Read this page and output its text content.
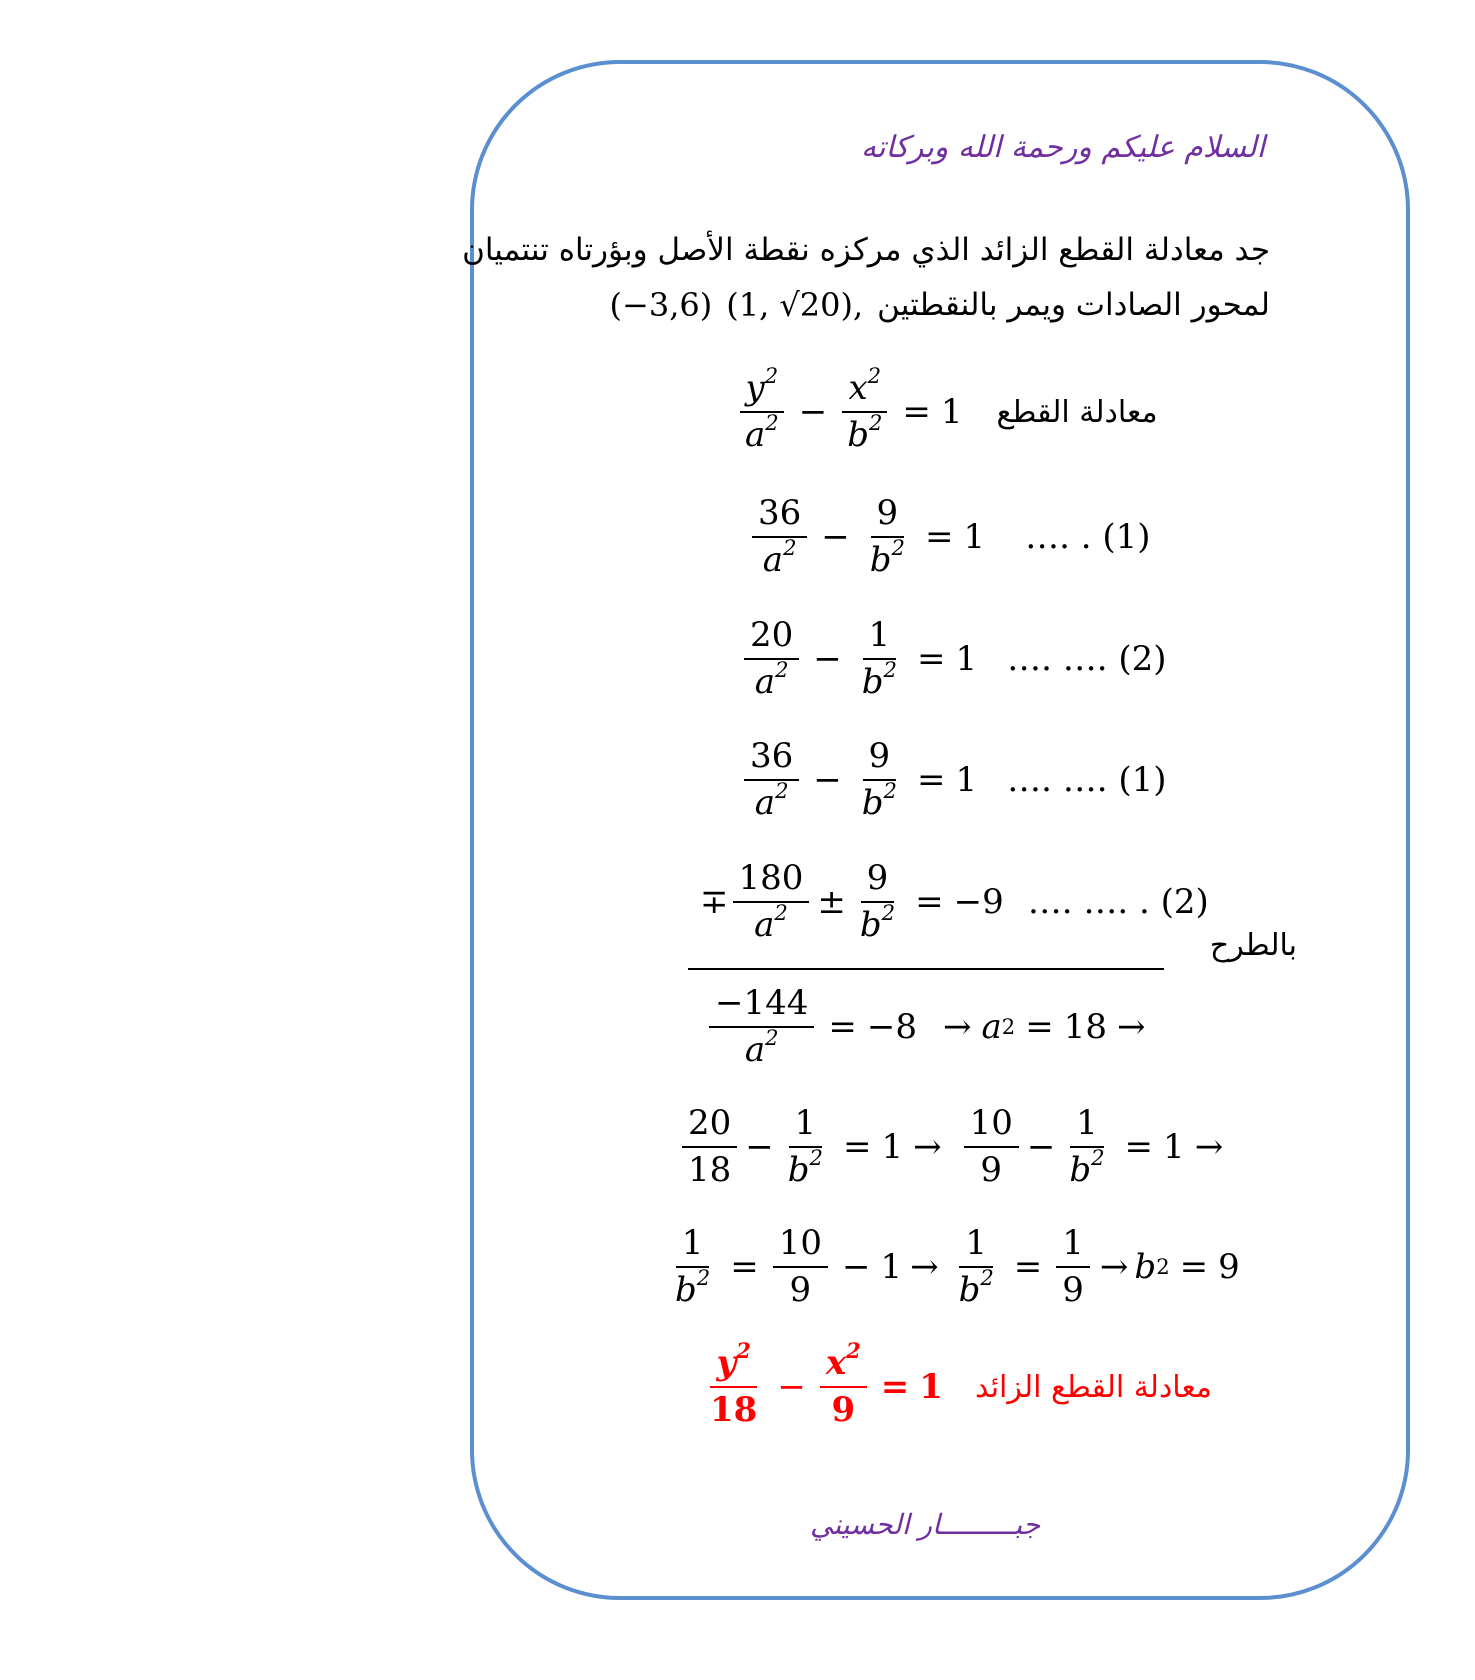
السلام عليكم ورحمة الله وبركاته
جد معادلة القطع الزائد الذي مركزه نقطة الأصل وبؤرتاه تنتميان
(−3,6) (1, √20), لمحور الصادات ويمر بالنقطتين
$\frac{y^2}{a^2} - \frac{x^2}{b^2} = 1$ معادلة القطع
$\frac{36}{a^2} - \frac{9}{b^2} = 1$ …. . (1)
$\frac{20}{a^2} - \frac{1}{b^2} = 1$ …. …. (2)
$\frac{36}{a^2} - \frac{9}{b^2} = 1$ …. …. (1)
∓ $\frac{180}{a^2} \pm \frac{9}{b^2} = -9$ …. …. . (2)
بالطرح
$\frac{-144}{a^2} = -8 \to a$ 2 = 18 →
$\frac{20}{18} - \frac{1}{b^2} = 1 \to \frac{10}{9} - \frac{1}{b^2} = 1$ →
$\frac{1}{b^2} = \frac{10}{9} - 1 \to \frac{1}{b^2} = \frac{1}{9} \to b$ 2 = 9
$\frac{y^2}{18} - \frac{x^2}{9} = 1$ معادلة القطع الزائد
جبـــــــــار الحسيني
